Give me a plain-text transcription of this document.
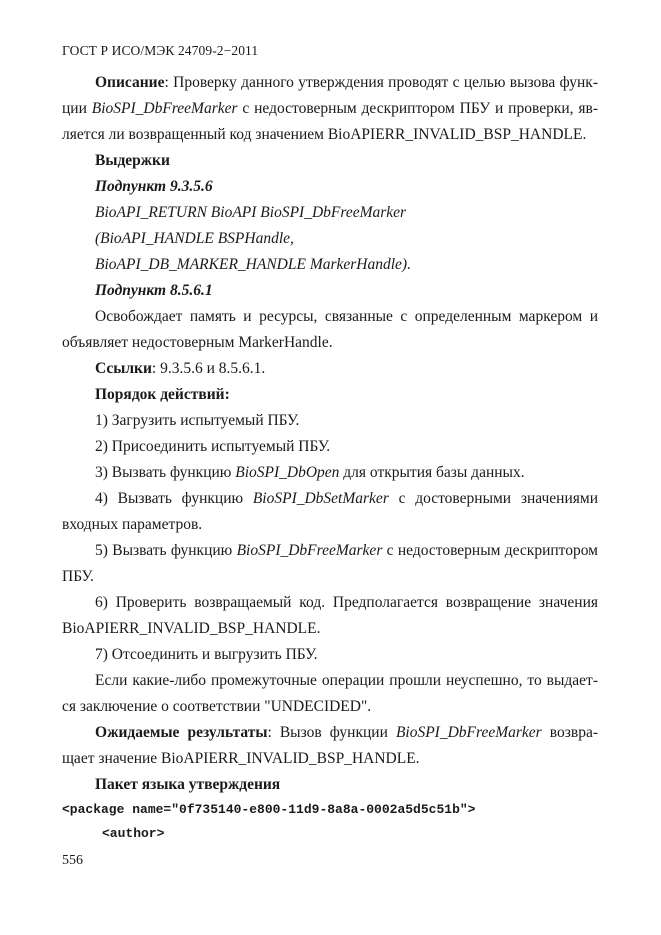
ГОСТ Р ИСО/МЭК 24709-2−2011
Описание: Проверку данного утверждения проводят с целью вызова функ-
ции BioSPI_DbFreeMarker с недостоверным дескриптором ПБУ и проверки, яв-
ляется ли возвращенный код значением BioAPIERR_INVALID_BSP_HANDLE.
Выдержки
Подпункт 9.3.5.6
BioAPI_RETURN BioAPI BioSPI_DbFreeMarker
(BioAPI_HANDLE BSPHandle,
BioAPI_DB_MARKER_HANDLE MarkerHandle).
Подпункт 8.5.6.1
Освобождает память и ресурсы, связанные с определенным маркером и
объявляет недостоверным MarkerHandle.
Ссылки: 9.3.5.6 и 8.5.6.1.
Порядок действий:
1) Загрузить испытуемый ПБУ.
2) Присоединить испытуемый ПБУ.
3) Вызвать функцию BioSPI_DbOpen для открытия базы данных.
4) Вызвать функцию BioSPI_DbSetMarker с достоверными значениями
входных параметров.
5) Вызвать функцию BioSPI_DbFreeMarker с недостоверным дескриптором
ПБУ.
6) Проверить возвращаемый код. Предполагается возвращение значения
BioAPIERR_INVALID_BSP_HANDLE.
7) Отсоединить и выгрузить ПБУ.
Если какие-либо промежуточные операции прошли неуспешно, то выдает-
ся заключение о соответствии "UNDECIDED".
Ожидаемые результаты: Вызов функции BioSPI_DbFreeMarker возвра-
щает значение BioAPIERR_INVALID_BSP_HANDLE.
Пакет языка утверждения
<package name="0f735140-e800-11d9-8a8a-0002a5d5c51b">
<author>
556
